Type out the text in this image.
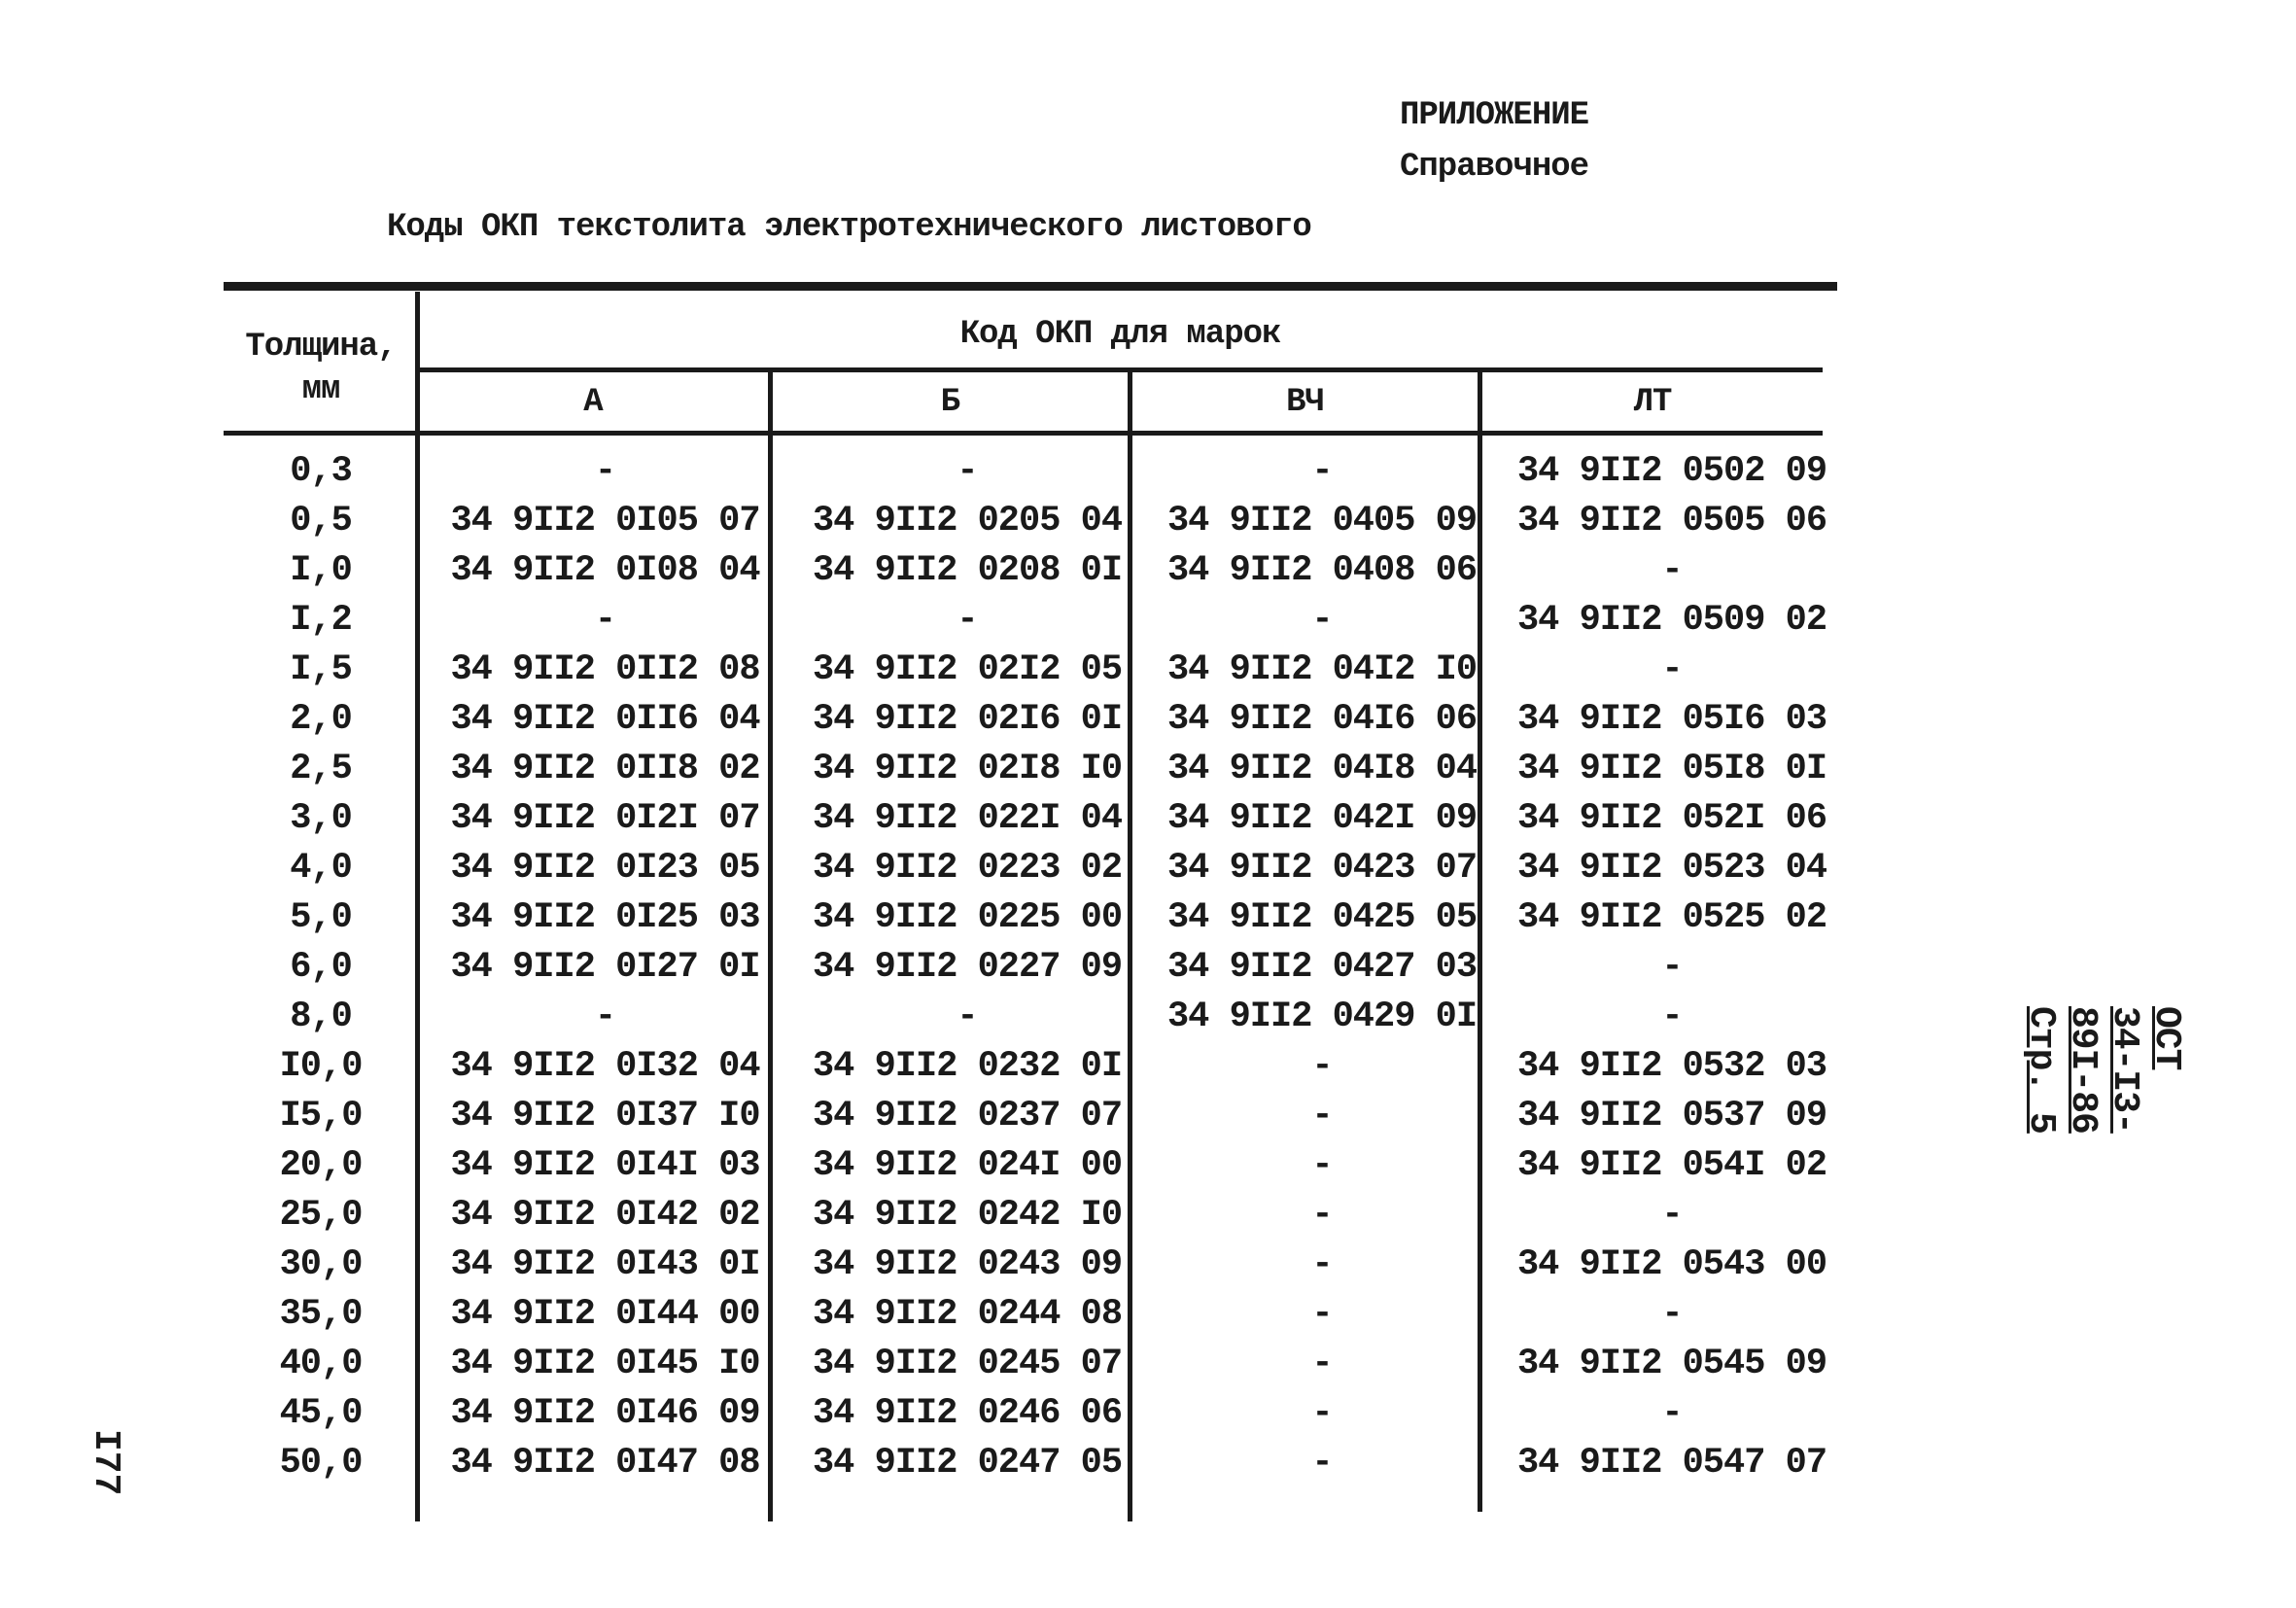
ПРИЛОЖЕНИЕ
Справочное
Коды ОКП текстолита электротехнического листового
Толщина,
мм
Код ОКП для марок
А	Б	ВЧ	ЛТ
0,3	-	-	-	34 9II2 0502 09
0,5	34 9II2 0I05 07	34 9II2 0205 04	34 9II2 0405 09	34 9II2 0505 06
I,0	34 9II2 0I08 04	34 9II2 0208 0I	34 9II2 0408 06	-
I,2	-	-	-	34 9II2 0509 02
I,5	34 9II2 0II2 08	34 9II2 02I2 05	34 9II2 04I2 I0	-
2,0	34 9II2 0II6 04	34 9II2 02I6 0I	34 9II2 04I6 06	34 9II2 05I6 03
2,5	34 9II2 0II8 02	34 9II2 02I8 I0	34 9II2 04I8 04	34 9II2 05I8 0I
3,0	34 9II2 0I2I 07	34 9II2 022I 04	34 9II2 042I 09	34 9II2 052I 06
4,0	34 9II2 0I23 05	34 9II2 0223 02	34 9II2 0423 07	34 9II2 0523 04
5,0	34 9II2 0I25 03	34 9II2 0225 00	34 9II2 0425 05	34 9II2 0525 02
6,0	34 9II2 0I27 0I	34 9II2 0227 09	34 9II2 0427 03	-
8,0	-	-	34 9II2 0429 0I	-
I0,0	34 9II2 0I32 04	34 9II2 0232 0I	-	34 9II2 0532 03
I5,0	34 9II2 0I37 I0	34 9II2 0237 07	-	34 9II2 0537 09
20,0	34 9II2 0I4I 03	34 9II2 024I 00	-	34 9II2 054I 02
25,0	34 9II2 0I42 02	34 9II2 0242 I0	-	-
30,0	34 9II2 0I43 0I	34 9II2 0243 09	-	34 9II2 0543 00
35,0	34 9II2 0I44 00	34 9II2 0244 08	-	-
40,0	34 9II2 0I45 I0	34 9II2 0245 07	-	34 9II2 0545 09
45,0	34 9II2 0I46 09	34 9II2 0246 06	-	-
50,0	34 9II2 0I47 08	34 9II2 0247 05	-	34 9II2 0547 07
ОСТ 34-I3-89I-86 Стр. 5
I77
